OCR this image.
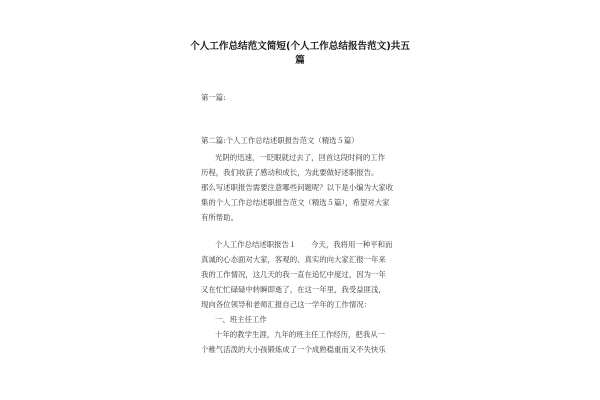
个人工作总结范文简短(个人工作总结报告范文)共五
篇
第一篇:
第二篇:个人工作总结述职报告范文（精选５篇）
光阴的迅速，一眨眼就过去了，回首这段时间的工作
历程，我们收获了感动和成长，为此要做好述职报告。
那么写述职报告需要注意哪些问题呢？以下是小编为大家收
集的个人工作总结述职报告范文（精选５篇），希望对大家
有所帮助。
个人工作总结述职报告１　　今天，我将用一种平和而
真诚的心态面对大家，客观的、真实的向大家汇报一年来
我的工作情况，这几天的我一直在追忆中度过，因为一年
又在忙忙碌碌中转瞬即逝了，在这一年里，我受益匪浅，
现向各位领导和老师汇报自己这一学年的工作情况：
一、班主任工作
十年的教学生涯，九年的班主任工作经历，把我从一
个稚气活泼的大小孩锻炼成了一个成熟稳重而又不失快乐
